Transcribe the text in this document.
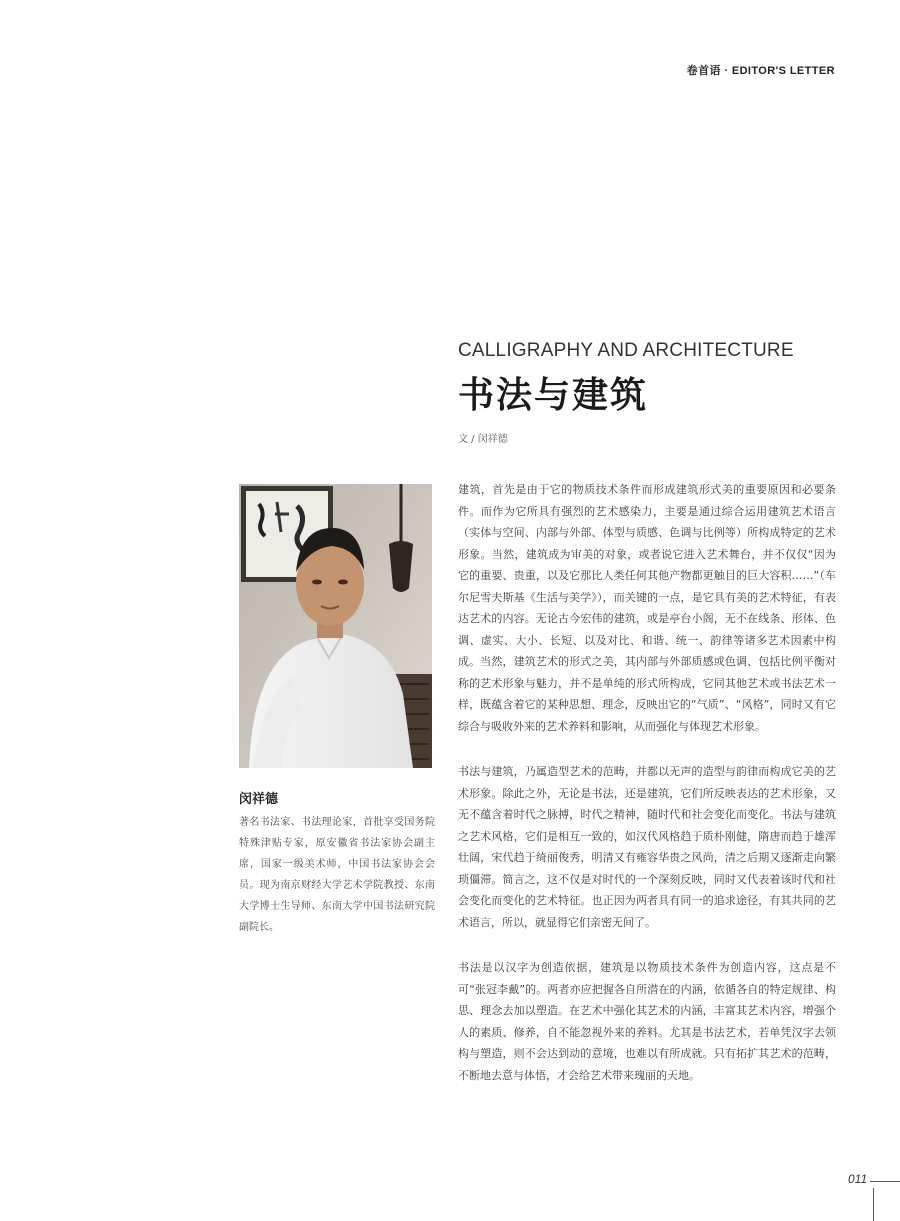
卷首语 · EDITOR'S LETTER
CALLIGRAPHY AND ARCHITECTURE
书法与建筑
文 / 闵祥德
闵祥德
著名书法家、书法理论家，首批享受国务院特殊津贴专家，原安徽省书法家协会副主席，国家一级美术师，中国书法家协会会员。现为南京财经大学艺术学院教授、东南大学博士生导师、东南大学中国书法研究院副院长。

建筑，首先是由于它的物质技术条件而形成建筑形式美的重要原因和必要条件。而作为它所具有强烈的艺术感染力，主要是通过综合运用建筑艺术语言（实体与空间、内部与外部、体型与质感、色调与比例等）所构成特定的艺术形象。当然，建筑成为审美的对象，或者说它进入艺术舞台，并不仅仅“因为它的重要、贵重，以及它那比人类任何其他产物都更触目的巨大容积……”（车尔尼雪夫斯基《生活与美学》），而关键的一点，是它具有美的艺术特征，有表达艺术的内容。无论古今宏伟的建筑，或是亭台小阁，无不在线条、形体、色调、虚实、大小、长短、以及对比、和谐、统一、韵律等诸多艺术因素中构成。当然，建筑艺术的形式之美，其内部与外部质感或色调、包括比例平衡对称的艺术形象与魅力，并不是单纯的形式所构成，它同其他艺术或书法艺术一样，既蕴含着它的某种思想、理念，反映出它的“气质”、“风格”，同时又有它综合与吸收外来的艺术养料和影响，从而强化与体现艺术形象。

书法与建筑，乃属造型艺术的范畴，并都以无声的造型与韵律而构成它美的艺术形象。除此之外，无论是书法，还是建筑，它们所反映表达的艺术形象，又无不蕴含着时代之脉搏，时代之精神，随时代和社会变化而变化。书法与建筑之艺术风格，它们是相互一致的，如汉代风格趋于质朴刚健，隋唐而趋于雄浑壮阔，宋代趋于绮丽俊秀，明清又有雍容华贵之风尚，清之后期又逐渐走向繁琐僵滞。简言之，这不仅是对时代的一个深刻反映，同时又代表着该时代和社会变化而变化的艺术特征。也正因为两者具有同一的追求途径，有其共同的艺术语言，所以，就显得它们亲密无间了。

书法是以汉字为创造依据，建筑是以物质技术条件为创造内容，这点是不可“张冠李戴”的。两者亦应把握各自所潜在的内涵，依循各自的特定规律、构思、理念去加以塑造。在艺术中强化其艺术的内涵，丰富其艺术内容，增强个人的素质、修养，自不能忽视外来的养料。尤其是书法艺术，若单凭汉字去领构与塑造，则不会达到动的意境，也难以有所成就。只有拓扩其艺术的范畴，不断地去意与体悟，才会给艺术带来瑰丽的天地。

011
